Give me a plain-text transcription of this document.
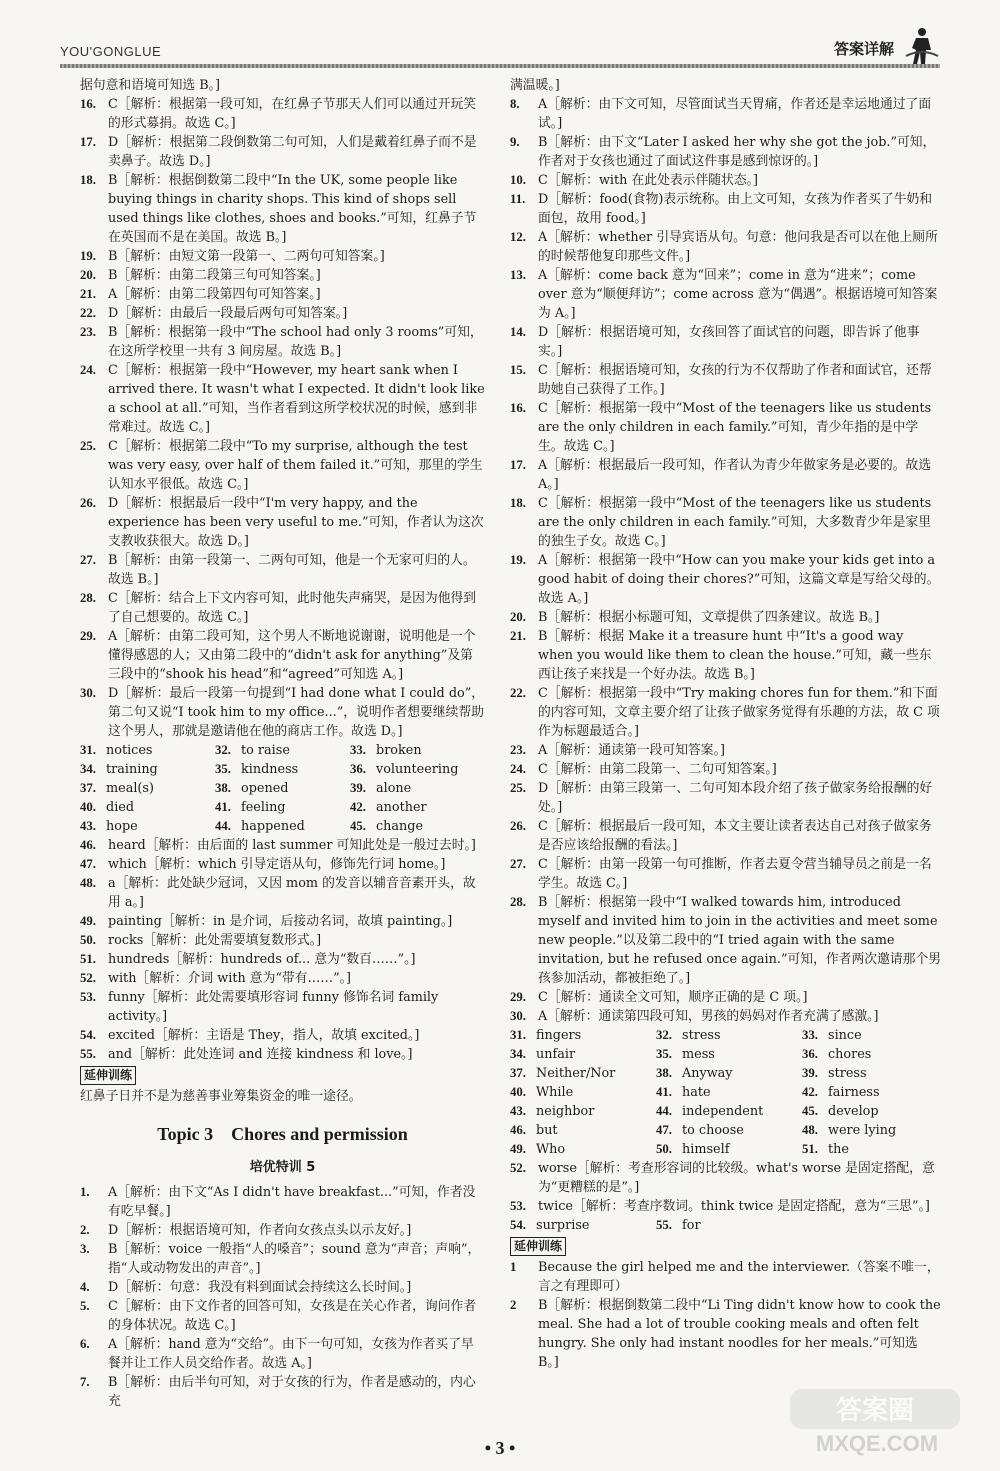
YOU'GONGLUE	答案详解

据句意和语境可知选 B。]

16. C［解析：根据第一段可知，在红鼻子节那天人们可以通过开玩笑的形式募捐。故选 C。]

17. D［解析：根据第二段倒数第二句可知，人们是戴着红鼻子而不是卖鼻子。故选 D。]

18. B［解析：根据倒数第二段中“In the UK, some people like buying things in charity shops. This kind of shops sell used things like clothes, shoes and books.”可知，红鼻子节在英国而不是在美国。故选 B。]

19. B［解析：由短文第一段第一、二两句可知答案。]

20. B［解析：由第二段第三句可知答案。]

21. A［解析：由第二段第四句可知答案。]

22. D［解析：由最后一段最后两句可知答案。]

23. B［解析：根据第一段中“The school had only 3 rooms”可知，在这所学校里一共有 3 间房屋。故选 B。]

24. C［解析：根据第一段中“However, my heart sank when I arrived there. It wasn't what I expected. It didn't look like a school at all.”可知，当作者看到这所学校状况的时候，感到非常难过。故选 C。]

25. C［解析：根据第二段中“To my surprise, although the test was very easy, over half of them failed it.”可知，那里的学生认知水平很低。故选 C。]

26. D［解析：根据最后一段中“I'm very happy, and the experience has been very useful to me.”可知，作者认为这次支教收获很大。故选 D。]

27. B［解析：由第一段第一、二两句可知，他是一个无家可归的人。故选 B。]

28. C［解析：结合上下文内容可知，此时他失声痛哭，是因为他得到了自己想要的。故选 C。]

29. A［解析：由第二段可知，这个男人不断地说谢谢，说明他是一个懂得感恩的人；又由第二段中的“didn't ask for anything”及第三段中的“shook his head”和“agreed”可知选 A。]

30. D［解析：最后一段第一句提到“I had done what I could do”，第二句又说“I took him to my office...”，说明作者想要继续帮助这个男人，那就是邀请他在他的商店工作。故选 D。]

31. notices	32. to raise	33. broken
34. training	35. kindness	36. volunteering
37. meal(s)	38. opened	39. alone
40. died	41. feeling	42. another
43. hope	44. happened	45. change

46. heard［解析：由后面的 last summer 可知此处是一般过去时。]

47. which［解析：which 引导定语从句，修饰先行词 home。]

48. a［解析：此处缺少冠词，又因 mom 的发音以辅音音素开头，故用 a。]

49. painting［解析：in 是介词，后接动名词，故填 painting。]

50. rocks［解析：此处需要填复数形式。]

51. hundreds［解析：hundreds of... 意为“数百……”。]

52. with［解析：介词 with 意为“带有……”。]

53. funny［解析：此处需要填形容词 funny 修饰名词 family activity。]

54. excited［解析：主语是 They，指人，故填 excited。]

55. and［解析：此处连词 and 连接 kindness 和 love。]

延伸训练

红鼻子日并不是为慈善事业筹集资金的唯一途径。

Topic 3　Chores and permission
培优特训 5

1. A［解析：由下文“As I didn't have breakfast...”可知，作者没有吃早餐。]

2. D［解析：根据语境可知，作者向女孩点头以示友好。]

3. B［解析：voice 一般指“人的嗓音”；sound 意为“声音；声响”，指“人或动物发出的声音”。]

4. D［解析：句意：我没有料到面试会持续这么长时间。]

5. C［解析：由下文作者的回答可知，女孩是在关心作者，询问作者的身体状况。故选 C。]

6. A［解析：hand 意为“交给”。由下一句可知，女孩为作者买了早餐并让工作人员交给作者。故选 A。]

7. B［解析：由后半句可知，对于女孩的行为，作者是感动的，内心充

满温暖。]

8. A［解析：由下文可知，尽管面试当天胃痛，作者还是幸运地通过了面试。]

9. B［解析：由下文“Later I asked her why she got the job.”可知，作者对于女孩也通过了面试这件事是感到惊讶的。]

10. C［解析：with 在此处表示伴随状态。]

11. D［解析：food(食物)表示统称。由上文可知，女孩为作者买了牛奶和面包，故用 food。]

12. A［解析：whether 引导宾语从句。句意：他问我是否可以在他上厕所的时候帮他复印那些文件。]

13. A［解析：come back 意为“回来”；come in 意为“进来”；come over 意为“顺便拜访”；come across 意为“偶遇”。根据语境可知答案为 A。]

14. D［解析：根据语境可知，女孩回答了面试官的问题，即告诉了他事实。]

15. C［解析：根据语境可知，女孩的行为不仅帮助了作者和面试官，还帮助她自己获得了工作。]

16. C［解析：根据第一段中“Most of the teenagers like us students are the only children in each family.”可知，青少年指的是中学生。故选 C。]

17. A［解析：根据最后一段可知，作者认为青少年做家务是必要的。故选 A。]

18. C［解析：根据第一段中“Most of the teenagers like us students are the only children in each family.”可知，大多数青少年是家里的独生子女。故选 C。]

19. A［解析：根据第一段中“How can you make your kids get into a good habit of doing their chores?”可知，这篇文章是写给父母的。故选 A。]

20. B［解析：根据小标题可知，文章提供了四条建议。故选 B。]

21. B［解析：根据 Make it a treasure hunt 中“It's a good way when you would like them to clean the house.”可知，藏一些东西让孩子来找是一个好办法。故选 B。]

22. C［解析：根据第一段中“Try making chores fun for them.”和下面的内容可知，文章主要介绍了让孩子做家务觉得有乐趣的方法，故 C 项作为标题最适合。]

23. A［解析：通读第一段可知答案。]

24. C［解析：由第二段第一、二句可知答案。]

25. D［解析：由第三段第一、二句可知本段介绍了孩子做家务给报酬的好处。]

26. C［解析：根据最后一段可知，本文主要让读者表达自己对孩子做家务是否应该给报酬的看法。]

27. C［解析：由第一段第一句可推断，作者去夏令营当辅导员之前是一名学生。故选 C。]

28. B［解析：根据第一段中“I walked towards him, introduced myself and invited him to join in the activities and meet some new people.”以及第二段中的“I tried again with the same invitation, but he refused once again.”可知，作者两次邀请那个男孩参加活动，都被拒绝了。]

29. C［解析：通读全文可知，顺序正确的是 C 项。]

30. A［解析：通读第四段可知，男孩的妈妈对作者充满了感激。]

31. fingers	32. stress	33. since
34. unfair	35. mess	36. chores
37. Neither/Nor	38. Anyway	39. stress
40. While	41. hate	42. fairness
43. neighbor	44. independent	45. develop
46. but	47. to choose	48. were lying
49. Who	50. himself	51. the

52. worse［解析：考查形容词的比较级。what's worse 是固定搭配，意为“更糟糕的是”。]

53. twice［解析：考查序数词。think twice 是固定搭配，意为“三思”。]

54. surprise	55. for
延伸训练

1 Because the girl helped me and the interviewer.（答案不唯一，言之有理即可）

2 B［解析：根据倒数第二段中“Li Ting didn't know how to cook the meal. She had a lot of trouble cooking meals and often felt hungry. She only had instant noodles for her meals.”可知选 B。]

• 3 •
答案圈
MXQE.COM
